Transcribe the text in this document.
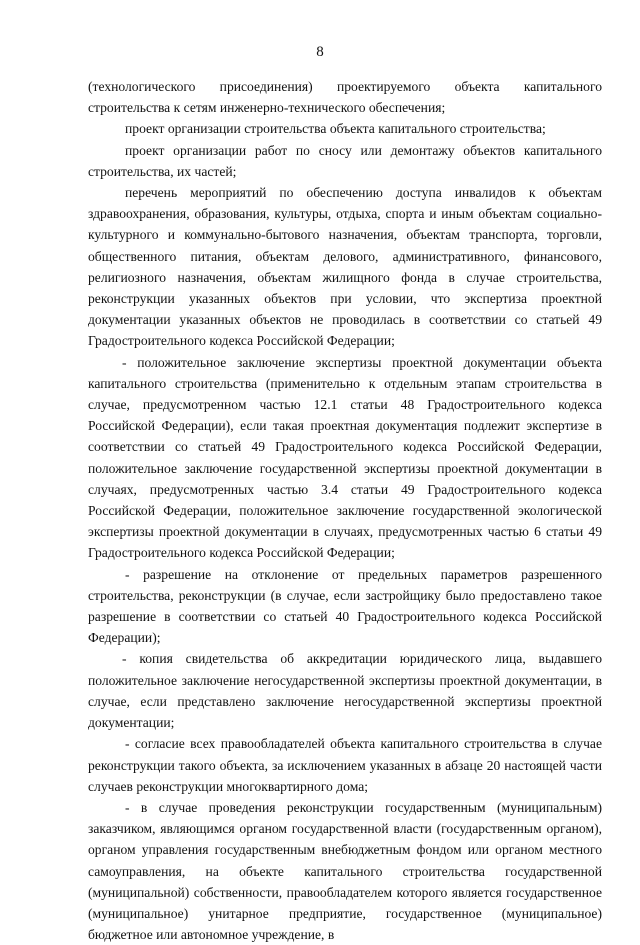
8

(технологического присоединения) проектируемого объекта капитального строительства к сетям инженерно-технического обеспечения;

проект организации строительства объекта капитального строительства;

проект организации работ по сносу или демонтажу объектов капитального строительства, их частей;

перечень мероприятий по обеспечению доступа инвалидов к объектам здравоохранения, образования, культуры, отдыха, спорта и иным объектам социально-культурного и коммунально-бытового назначения, объектам транспорта, торговли, общественного питания, объектам делового, административного, финансового, религиозного назначения, объектам жилищного фонда в случае строительства, реконструкции указанных объектов при условии, что экспертиза проектной документации указанных объектов не проводилась в соответствии со статьей 49 Градостроительного кодекса Российской Федерации;

- положительное заключение экспертизы проектной документации объекта капитального строительства (применительно к отдельным этапам строительства в случае, предусмотренном частью 12.1 статьи 48 Градостроительного кодекса Российской Федерации), если такая проектная документация подлежит экспертизе в соответствии со статьей 49 Градостроительного кодекса Российской Федерации, положительное заключение государственной экспертизы проектной документации в случаях, предусмотренных частью 3.4 статьи 49 Градостроительного кодекса Российской Федерации, положительное заключение государственной экологической экспертизы проектной документации в случаях, предусмотренных частью 6 статьи 49 Градостроительного кодекса Российской Федерации;

- разрешение на отклонение от предельных параметров разрешенного строительства, реконструкции (в случае, если застройщику было предоставлено такое разрешение в соответствии со статьей 40 Градостроительного кодекса Российской Федерации);

- копия свидетельства об аккредитации юридического лица, выдавшего положительное заключение негосударственной экспертизы проектной документации, в случае, если представлено заключение негосударственной экспертизы проектной документации;

- согласие всех правообладателей объекта капитального строительства в случае реконструкции такого объекта, за исключением указанных в абзаце 20 настоящей части случаев реконструкции многоквартирного дома;

- в случае проведения реконструкции государственным (муниципальным) заказчиком, являющимся органом государственной власти (государственным органом), органом управления государственным внебюджетным фондом или органом местного самоуправления, на объекте капитального строительства государственной (муниципальной) собственности, правообладателем которого является государственное (муниципальное) унитарное предприятие, государственное (муниципальное) бюджетное или автономное учреждение, в
